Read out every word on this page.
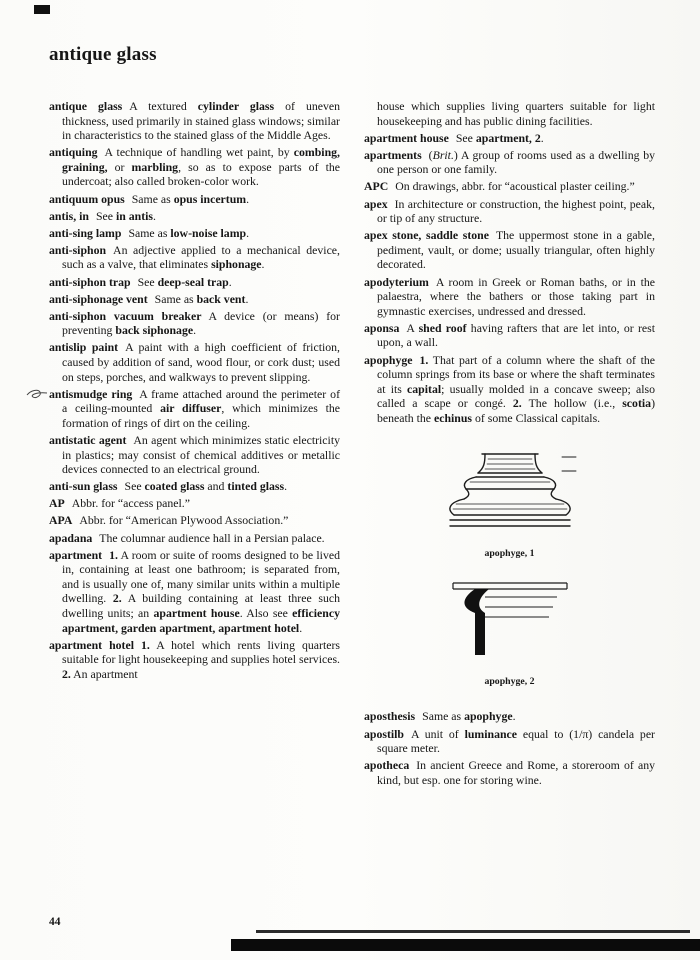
antique glass

antique glass A textured cylinder glass of uneven thickness, used primarily in stained glass windows; similar in characteristics to the stained glass of the Middle Ages.

antiquing A technique of handling wet paint, by combing, graining, or marbling, so as to expose parts of the undercoat; also called broken-color work.

antiquum opus Same as opus incertum.

antis, in See in antis.

anti-sing lamp Same as low-noise lamp.

anti-siphon An adjective applied to a mechanical device, such as a valve, that eliminates siphonage.

anti-siphon trap See deep-seal trap.

anti-siphonage vent Same as back vent.

anti-siphon vacuum breaker A device (or means) for preventing back siphonage.

antislip paint A paint with a high coefficient of friction, caused by addition of sand, wood flour, or cork dust; used on steps, porches, and walkways to prevent slipping.

antismudge ring A frame attached around the perimeter of a ceiling-mounted air diffuser, which minimizes the formation of rings of dirt on the ceiling.

antistatic agent An agent which minimizes static electricity in plastics; may consist of chemical additives or metallic devices connected to an electrical ground.

anti-sun glass See coated glass and tinted glass.

AP Abbr. for “access panel.”

APA Abbr. for “American Plywood Association.”

apadana The columnar audience hall in a Persian palace.

apartment 1. A room or suite of rooms designed to be lived in, containing at least one bathroom; is separated from, and is usually one of, many similar units within a multiple dwelling. 2. A building containing at least three such dwelling units; an apartment house. Also see efficiency apartment, garden apartment, apartment hotel.

apartment hotel 1. A hotel which rents living quarters suitable for light housekeeping and supplies hotel services. 2. An apartment

house which supplies living quarters suitable for light housekeeping and has public dining facilities.

apartment house See apartment, 2.

apartments (Brit.) A group of rooms used as a dwelling by one person or one family.

APC On drawings, abbr. for “acoustical plaster ceiling.”

apex In architecture or construction, the highest point, peak, or tip of any structure.

apex stone, saddle stone The uppermost stone in a gable, pediment, vault, or dome; usually triangular, often highly decorated.

apodyterium A room in Greek or Roman baths, or in the palaestra, where the bathers or those taking part in gymnastic exercises, undressed and dressed.

aponsa A shed roof having rafters that are let into, or rest upon, a wall.

apophyge 1. That part of a column where the shaft of the column springs from its base or where the shaft terminates at its capital; usually molded in a concave sweep; also called a scape or congé. 2. The hollow (i.e., scotia) beneath the echinus of some Classical capitals.

apophyge, 1
apophyge, 2

aposthesis Same as apophyge.

apostilb A unit of luminance equal to (1/π) candela per square meter.

apotheca In ancient Greece and Rome, a storeroom of any kind, but esp. one for storing wine.

44
